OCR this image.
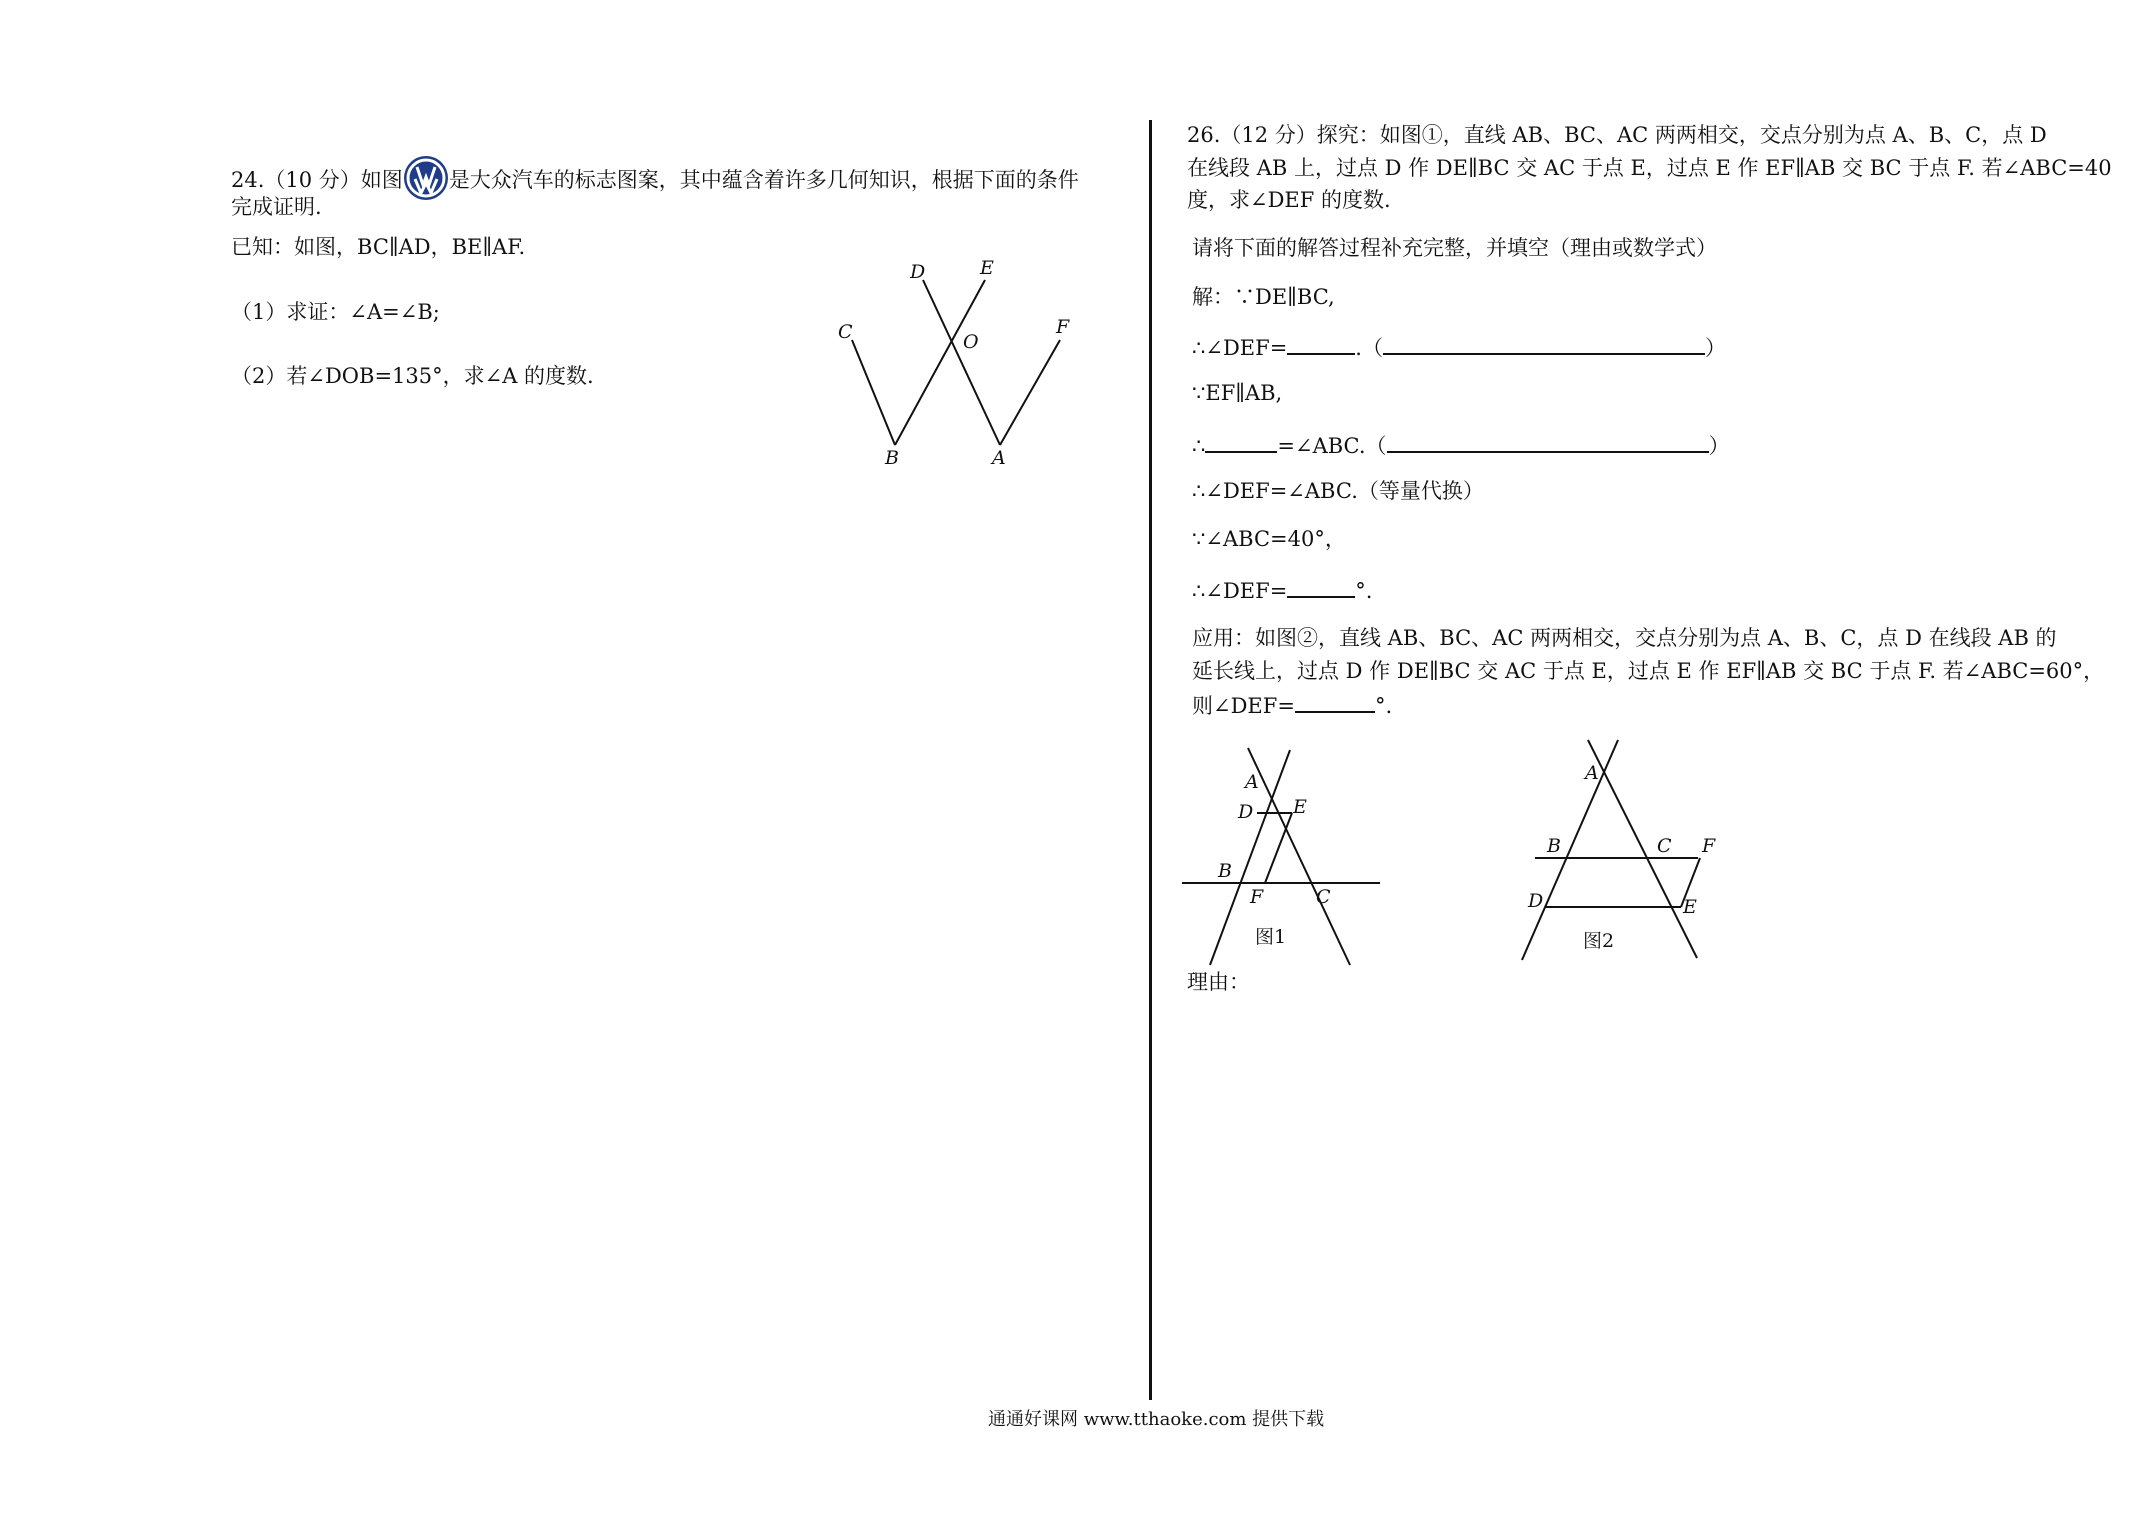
24.（10 分）如图 是大众汽车的标志图案，其中蕴含着许多几何知识，根据下面的条件
完成证明.
已知：如图，BC∥AD，BE∥AF.
（1）求证：∠A=∠B;
（2）若∠DOB=135°，求∠A 的度数.
D	E
C	O
F
B	A
26.（12 分）探究：如图①，直线 AB、BC、AC 两两相交，交点分别为点 A、B、C，点 D
在线段 AB 上，过点 D 作 DE∥BC 交 AC 于点 E，过点 E 作 EF∥AB 交 BC 于点 F. 若∠ABC=40
度，求∠DEF 的度数.
请将下面的解答过程补充完整，并填空（理由或数学式）
解：∵DE∥BC,
∴∠DEF=	.（	）
∵EF∥AB,
∴	=∠ABC.（	）
∴∠DEF=∠ABC.（等量代换）
∵∠ABC=40°，
∴∠DEF=	°.
应用：如图②，直线 AB、BC、AC 两两相交，交点分别为点 A、B、C，点 D 在线段 AB 的
延长线上，过点 D 作 DE∥BC 交 AC 于点 E，过点 E 作 EF∥AB 交 BC 于点 F. 若∠ABC=60°，
则∠DEF=	°.
A
D E
B
F	C
图1
A
B	C F
D	E
图2
理由：
通通好课网 www.tthaoke.com 提供下载
